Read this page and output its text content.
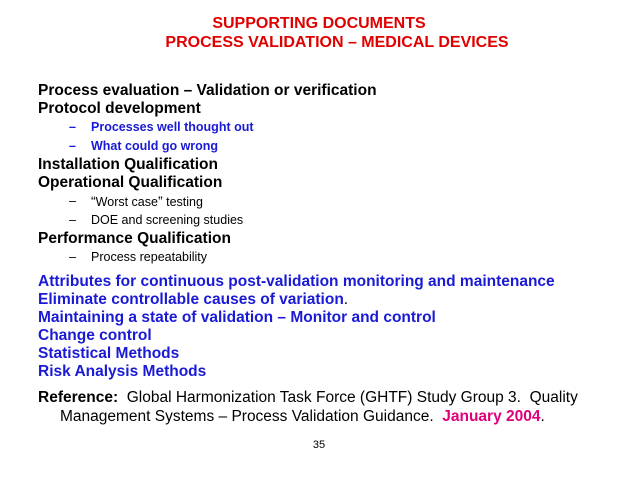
SUPPORTING DOCUMENTS
PROCESS VALIDATION – MEDICAL DEVICES
Process evaluation – Validation or verification
Protocol development
– Processes well thought out
– What could go wrong
Installation Qualification
Operational Qualification
– “Worst case” testing
– DOE and screening studies
Performance Qualification
– Process repeatability
Attributes for continuous post-validation monitoring and maintenance
Eliminate controllable causes of variation.
Maintaining a state of validation – Monitor and control
Change control
Statistical Methods
Risk Analysis Methods
Reference:  Global Harmonization Task Force (GHTF) Study Group 3.  Quality Management Systems – Process Validation Guidance.  January 2004.
35
